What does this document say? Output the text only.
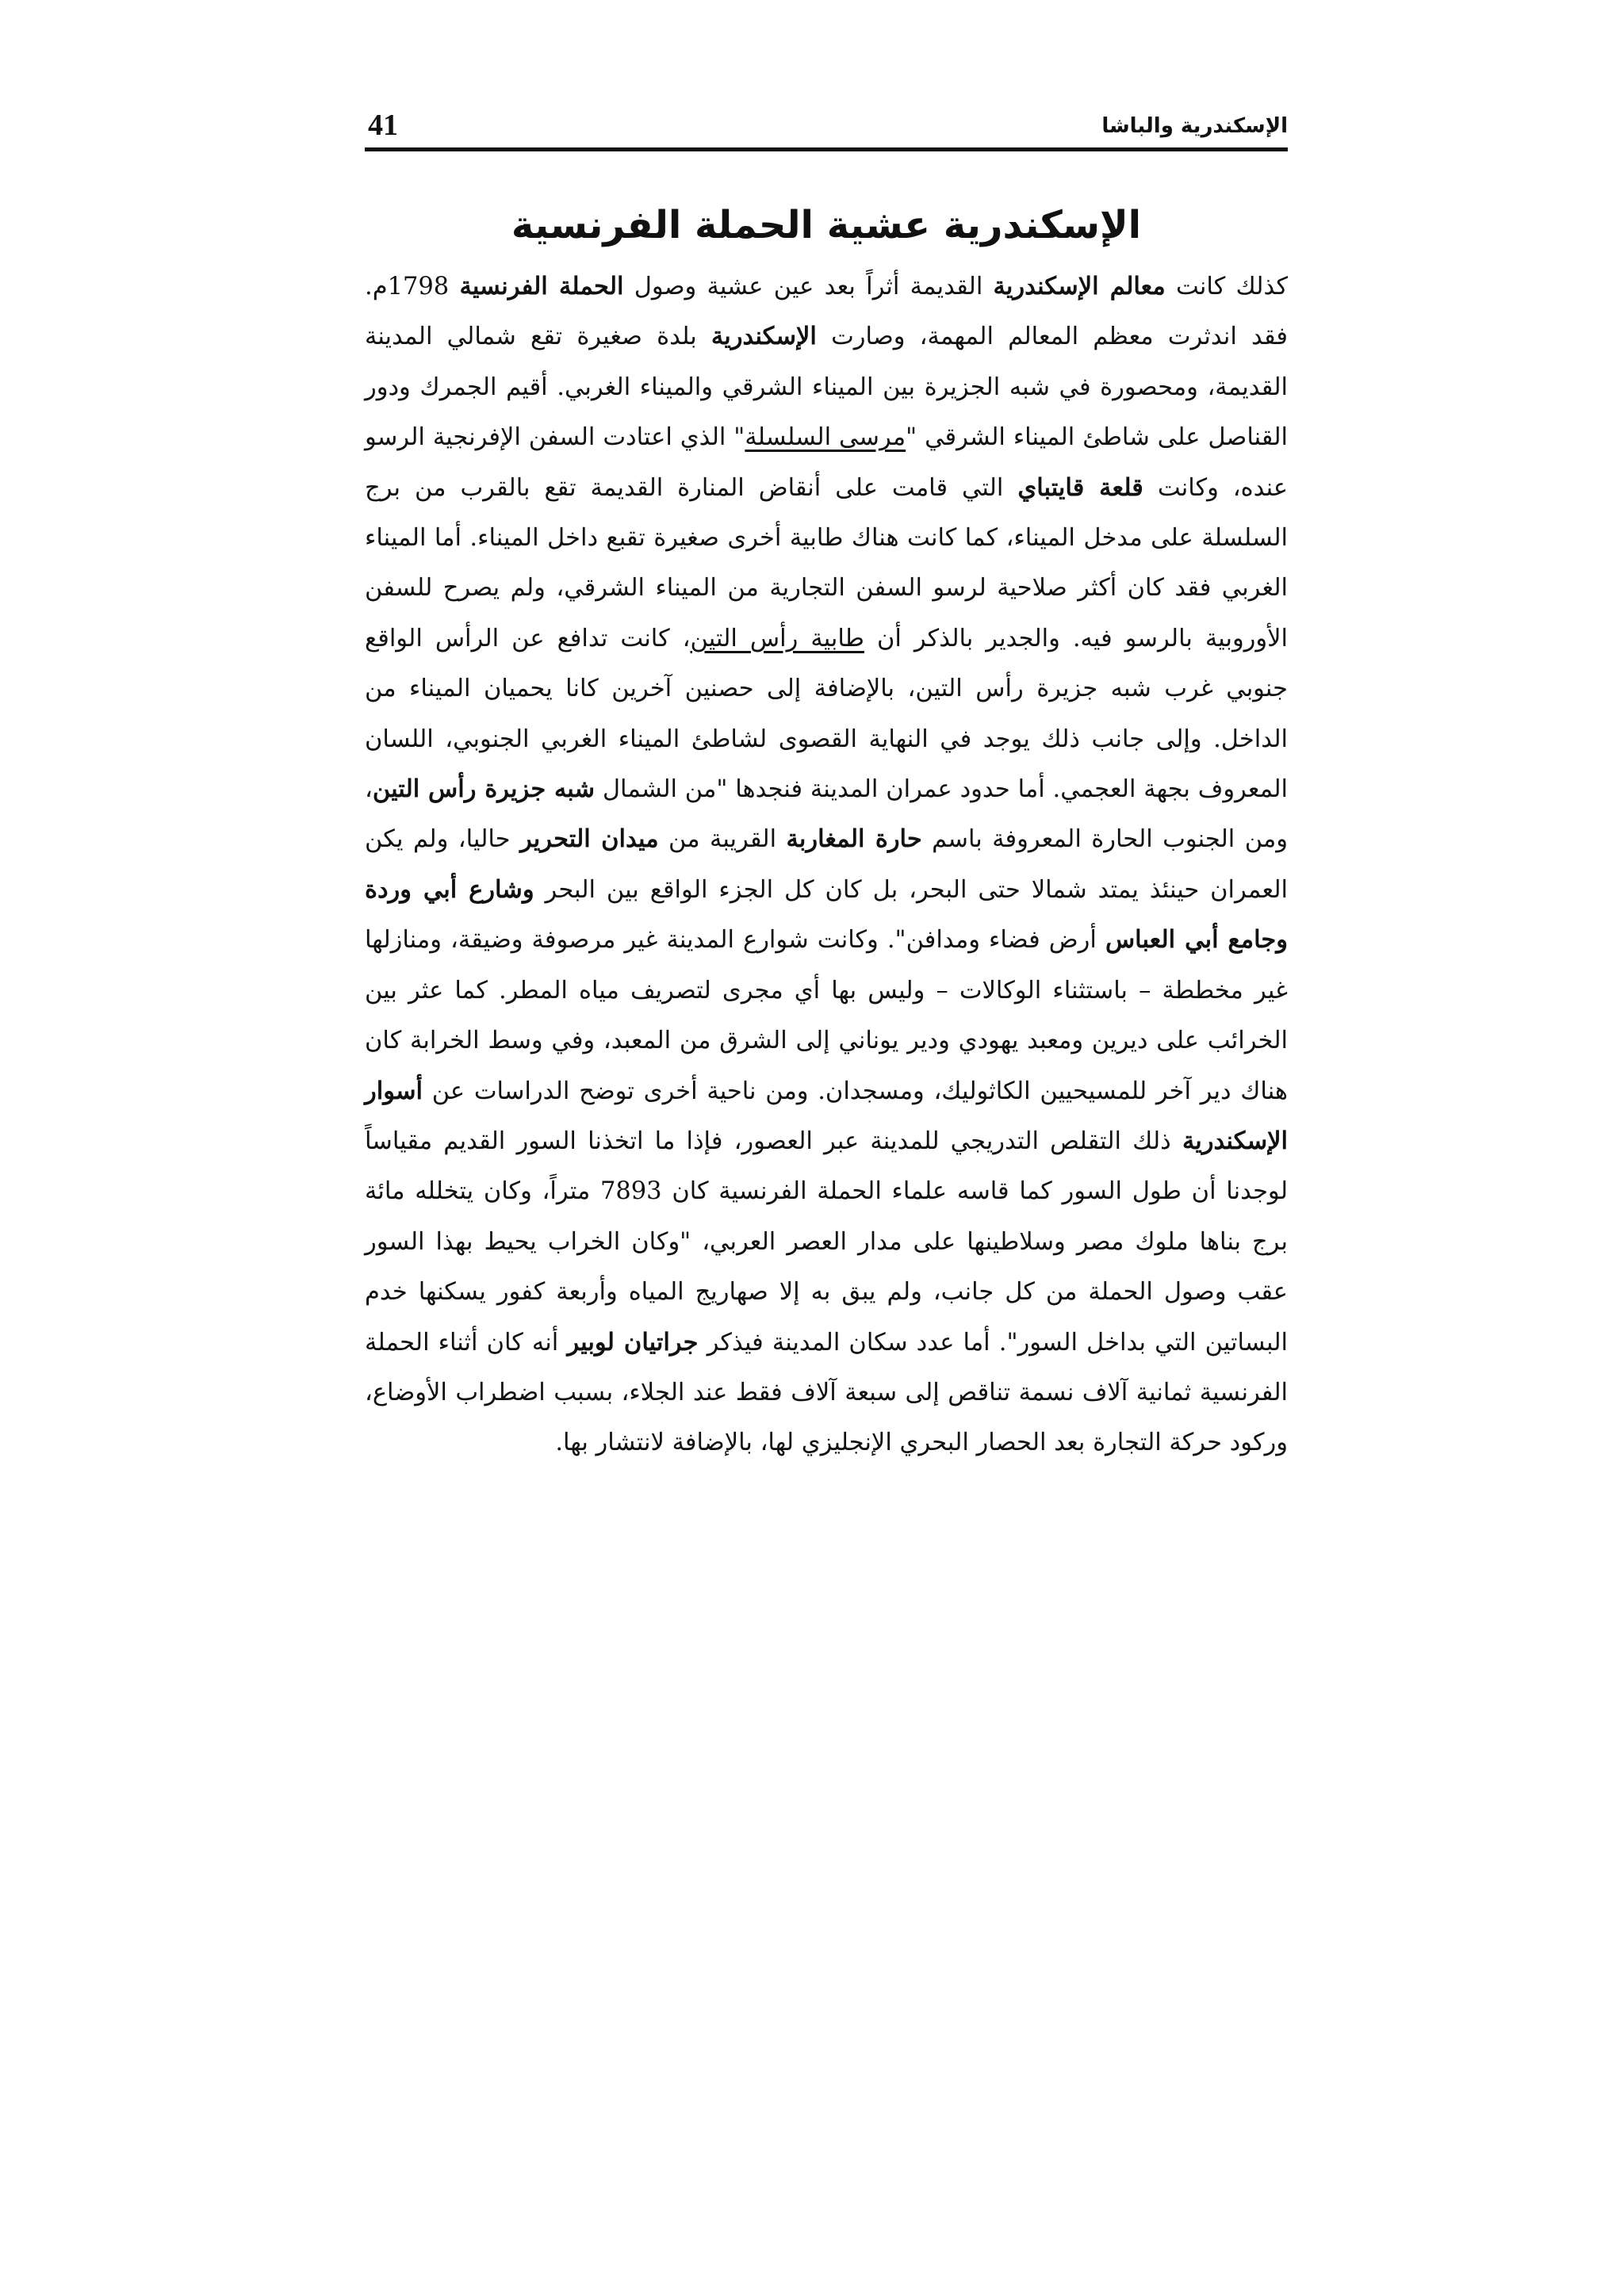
الإسكندرية والباشا
41
الإسكندرية عشية الحملة الفرنسية

كذلك كانت معالم الإسكندرية القديمة أثراً بعد عين عشية وصول الحملة الفرنسية 1798م. فقد اندثرت معظم المعالم المهمة، وصارت الإسكندرية بلدة صغيرة تقع شمالي المدينة القديمة، ومحصورة في شبه الجزيرة بين الميناء الشرقي والميناء الغربي. أقيم الجمرك ودور القناصل على شاطئ الميناء الشرقي "مرسى السلسلة" الذي اعتادت السفن الإفرنجية الرسو عنده، وكانت قلعة قايتباي التي قامت على أنقاض المنارة القديمة تقع بالقرب من برج السلسلة على مدخل الميناء، كما كانت هناك طابية أخرى صغيرة تقبع داخل الميناء. أما الميناء الغربي فقد كان أكثر صلاحية لرسو السفن التجارية من الميناء الشرقي، ولم يصرح للسفن الأوروبية بالرسو فيه. والجدير بالذكر أن طابية رأس التين، كانت تدافع عن الرأس الواقع جنوبي غرب شبه جزيرة رأس التين، بالإضافة إلى حصنين آخرين كانا يحميان الميناء من الداخل. وإلى جانب ذلك يوجد في النهاية القصوى لشاطئ الميناء الغربي الجنوبي، اللسان المعروف بجهة العجمي. أما حدود عمران المدينة فنجدها "من الشمال شبه جزيرة رأس التين، ومن الجنوب الحارة المعروفة باسم حارة المغاربة القريبة من ميدان التحرير حاليا، ولم يكن العمران حينئذ يمتد شمالا حتى البحر، بل كان كل الجزء الواقع بين البحر وشارع أبي وردة وجامع أبي العباس أرض فضاء ومدافن". وكانت شوارع المدينة غير مرصوفة وضيقة، ومنازلها غير مخططة – باستثناء الوكالات – وليس بها أي مجرى لتصريف مياه المطر. كما عثر بين الخرائب على ديرين ومعبد يهودي ودير يوناني إلى الشرق من المعبد، وفي وسط الخرابة كان هناك دير آخر للمسيحيين الكاثوليك، ومسجدان. ومن ناحية أخرى توضح الدراسات عن أسوار الإسكندرية ذلك التقلص التدريجي للمدينة عبر العصور، فإذا ما اتخذنا السور القديم مقياساً لوجدنا أن طول السور كما قاسه علماء الحملة الفرنسية كان 7893 متراً، وكان يتخلله مائة برج بناها ملوك مصر وسلاطينها على مدار العصر العربي، "وكان الخراب يحيط بهذا السور عقب وصول الحملة من كل جانب، ولم يبق به إلا صهاريج المياه وأربعة كفور يسكنها خدم البساتين التي بداخل السور". أما عدد سكان المدينة فيذكر جراتيان لوبير أنه كان أثناء الحملة الفرنسية ثمانية آلاف نسمة تناقص إلى سبعة آلاف فقط عند الجلاء، بسبب اضطراب الأوضاع، وركود حركة التجارة بعد الحصار البحري الإنجليزي لها، بالإضافة لانتشار بها.
